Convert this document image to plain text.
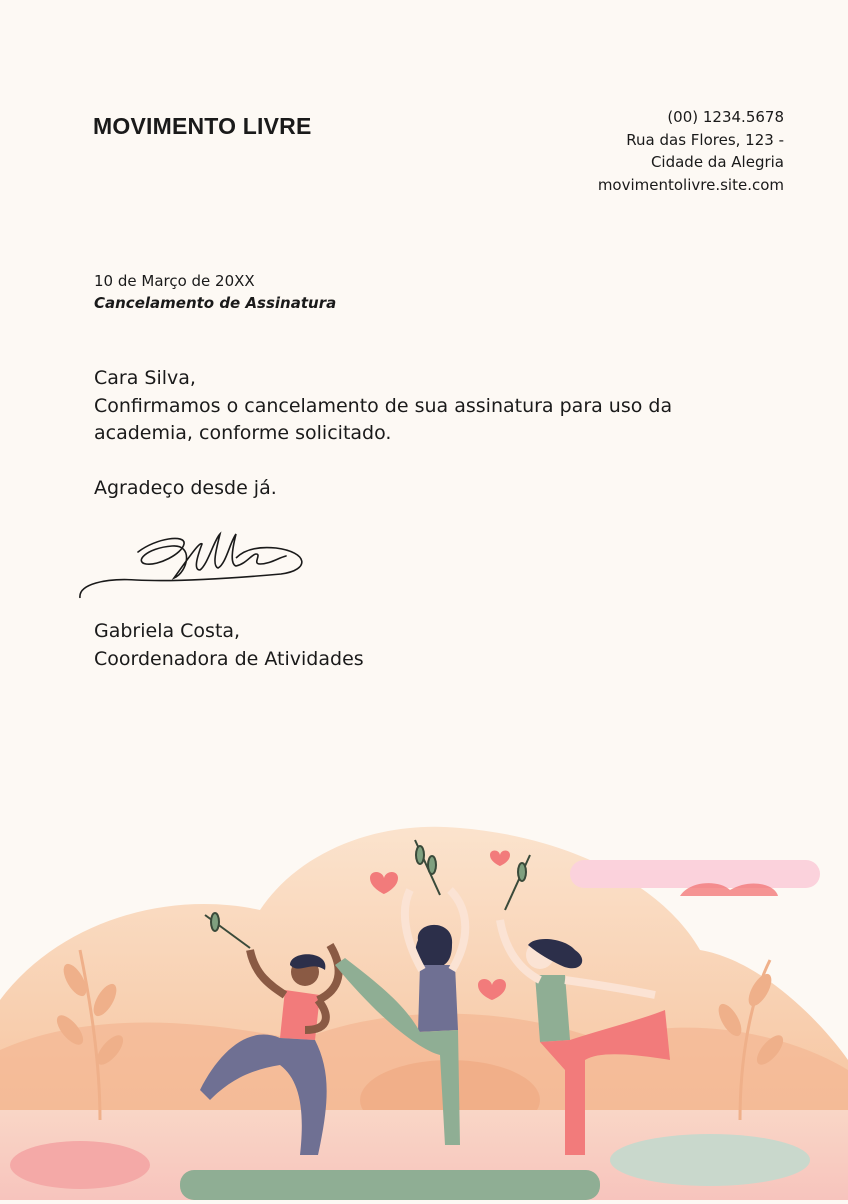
MOVIMENTO LIVRE	(00) 1234.5678
Rua das Flores, 123 -
Cidade da Alegria
movimentolivre.site.com
10 de Março de 20XX
Cancelamento de Assinatura

Cara Silva,

Confirmamos o cancelamento de sua assinatura para uso da academia, conforme solicitado.

Agradeço desde já.

Gabriela Costa,
Coordenadora de Atividades
